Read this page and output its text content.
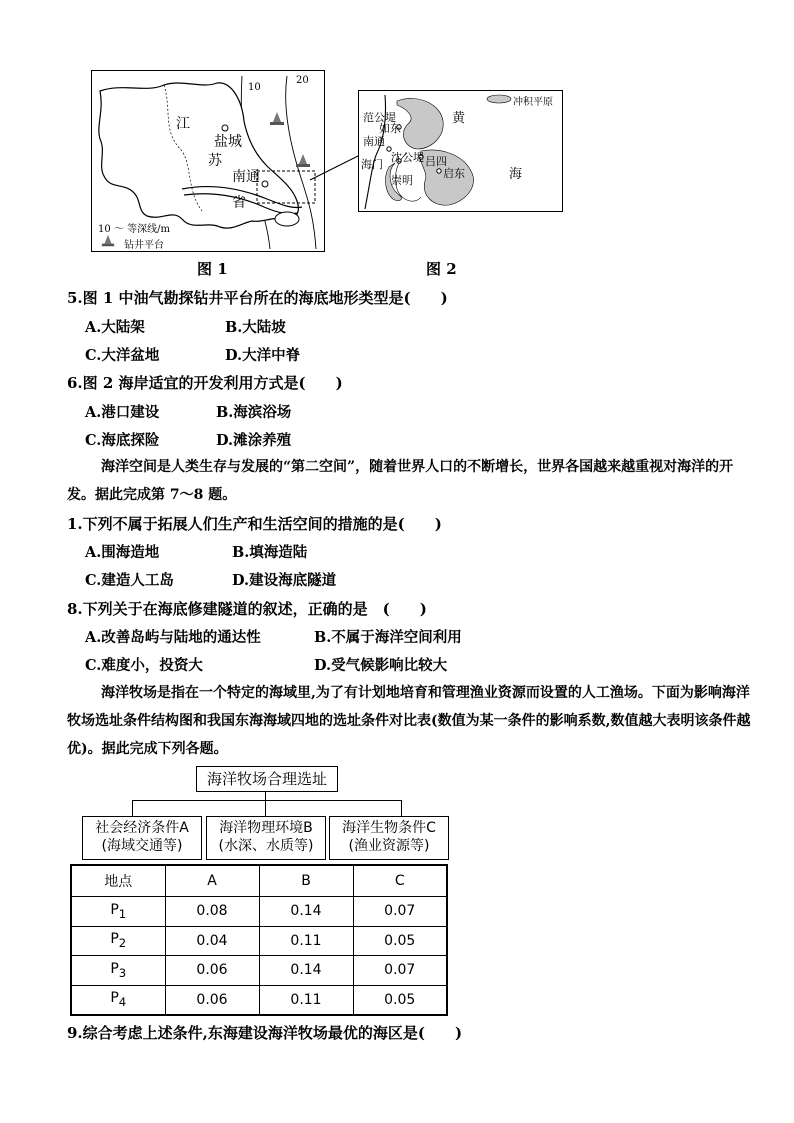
10
20
江
盐城
苏
南通
省
10 ～ 等深线/m
钻井平台
范公堤
如东
南通
海门
沈公堤 吕四
启东
崇明
黄
海
冲积平原
图 1	图 2
5.图 1 中油气勘探钻井平台所在的海底地形类型是(　　)
A.大陆架	B.大陆坡
C.大洋盆地	D.大洋中脊
6.图 2 海岸适宜的开发利用方式是(　　)
A.港口建设	B.海滨浴场
C.海底探险	D.滩涂养殖
海洋空间是人类生存与发展的“第二空间”，随着世界人口的不断增长，世界各国越来越重视对海洋的开发。据此完成第 7～8 题。
1.下列不属于拓展人们生产和生活空间的措施的是(　　)
A.围海造地	B.填海造陆
C.建造人工岛	D.建设海底隧道
8.下列关于在海底修建隧道的叙述，正确的是　(　　)
A.改善岛屿与陆地的通达性	B.不属于海洋空间利用
C.难度小，投资大	D.受气候影响比较大
海洋牧场是指在一个特定的海域里,为了有计划地培育和管理渔业资源而设置的人工渔场。下面为影响海洋牧场选址条件结构图和我国东海海域四地的选址条件对比表(数值为某一条件的影响系数,数值越大表明该条件越优)。据此完成下列各题。
海洋牧场合理选址
社会经济条件A
(海域交通等)
海洋物理环境B
(水深、水质等)
海洋生物条件C
(渔业资源等)
地点	A	B	C
$P_1$	0.08	0.14	0.07
$P_2$	0.04	0.11	0.05
$P_3$	0.06	0.14	0.07
$P_4$	0.06	0.11	0.05
9.综合考虑上述条件,东海建设海洋牧场最优的海区是(　　)
